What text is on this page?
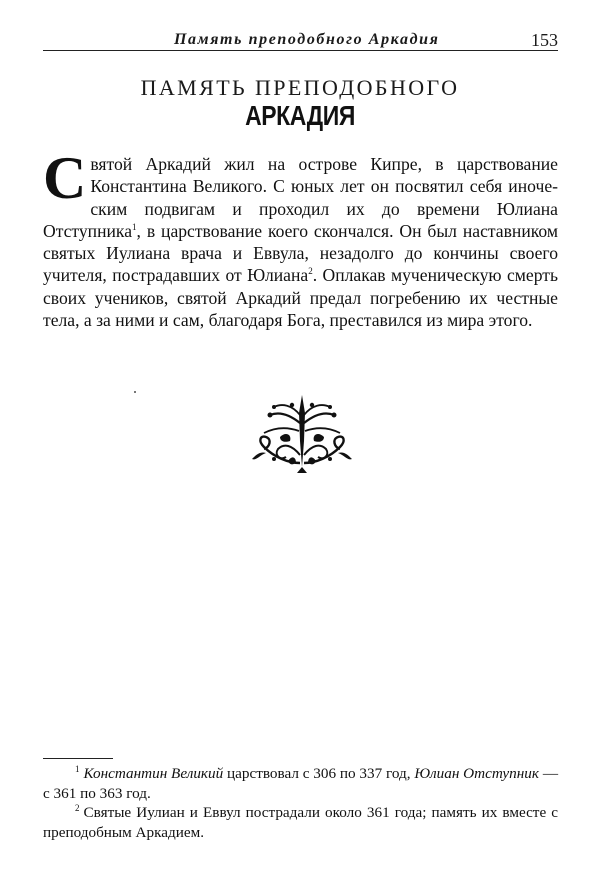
Память преподобного Аркадия	153
ПАМЯТЬ ПРЕПОДОБНОГО
АРКАДИЯ

Святой Аркадий жил на острове Кипре, в царствование Константина Великого. С юных лет он посвятил себя иноческим подвигам и проходил их до времени Юлиана Отступника$^1$, в царствование коего скончался. Он был наставником святых Иулиана врача и Еввула, незадолго до кончины своего учителя, пострадавших от Юлиана$^2$. Оплакав мученическую смерть своих учеников, святой Аркадий предал погребению их честные тела, а за ними и сам, благодаря Бога, преставился из мира этого.

$^1$ Константин Великий царствовал с 306 по 337 год, Юлиан Отступник — с 361 по 363 год.

$^2$ Святые Иулиан и Еввул пострадали около 361 года; память их вместе с преподобным Аркадием.
